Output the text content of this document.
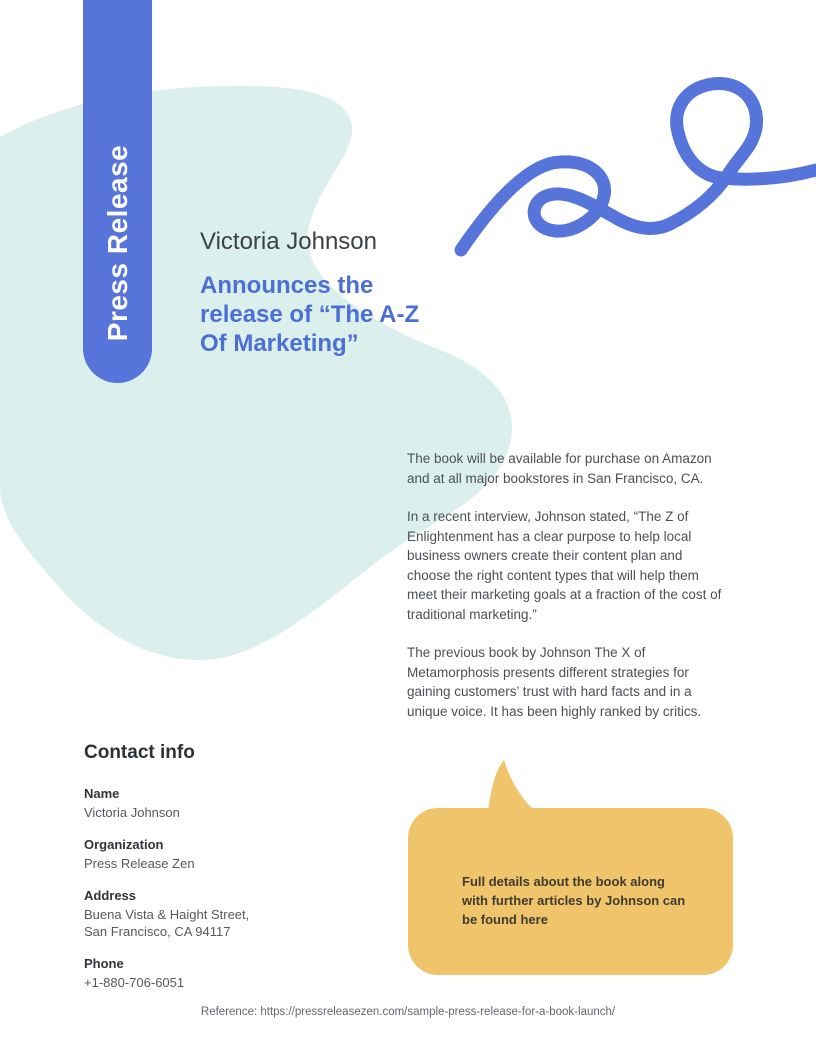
Press Release	Victoria Johnson
Announces the
release of “The A-Z
Of Marketing”

The book will be available for purchase on Amazon and at all major bookstores in San Francisco, CA.

In a recent interview, Johnson stated, “The Z of Enlightenment has a clear purpose to help local business owners create their content plan and choose the right content types that will help them meet their marketing goals at a fraction of the cost of traditional marketing.”

The previous book by Johnson The X of Metamorphosis presents different strategies for gaining customers’ trust with hard facts and in a unique voice. It has been highly ranked by critics.

Contact info
Name
Victoria Johnson
Organization
Press Release Zen
Address
Buena Vista & Haight Street,
San Francisco, CA 94117
Phone
+1-880-706-6051
Full details about the book along
with further articles by Johnson can
be found here
Reference: https://pressreleasezen.com/sample-press-release-for-a-book-launch/
